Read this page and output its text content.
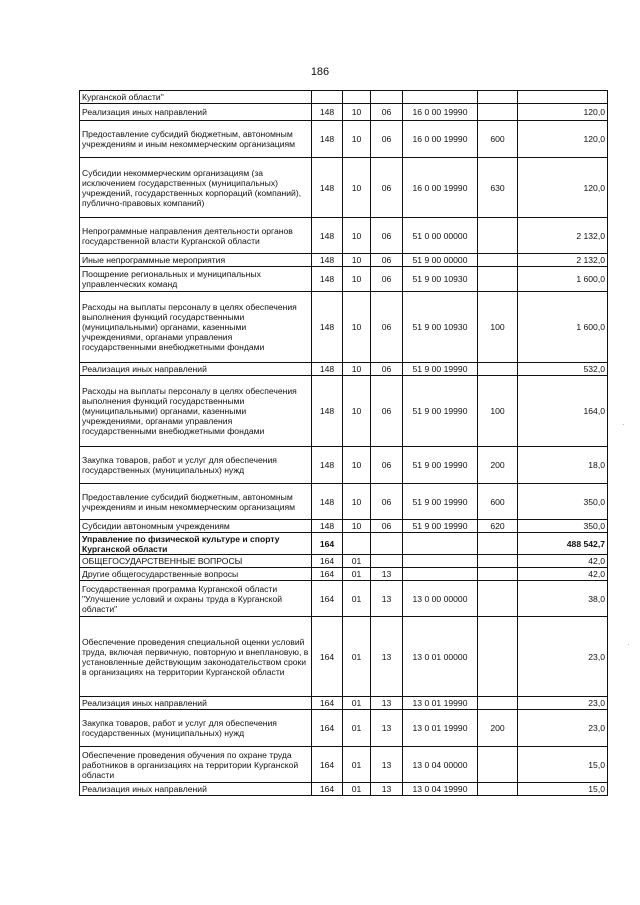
186
Курганской области"						
Реализация иных направлений	148	10	06	16 0 00 19990		120,0
Предоставление субсидий бюджетным, автономным учреждениям и иным некоммерческим организациям	148	10	06	16 0 00 19990	600	120,0
Субсидии некоммерческим организациям (за исключением государственных (муниципальных) учреждений, государственных корпораций (компаний), публично-правовых компаний)	148	10	06	16 0 00 19990	630	120,0
Непрограммные направления деятельности органов государственной власти Курганской области	148	10	06	51 0 00 00000		2 132,0
Иные непрограммные мероприятия	148	10	06	51 9 00 00000		2 132,0
Поощрение региональных и муниципальных управленческих команд	148	10	06	51 9 00 10930		1 600,0
Расходы на выплаты персоналу в целях обеспечения выполнения функций государственными (муниципальными) органами, казенными учреждениями, органами управления государственными внебюджетными фондами	148	10	06	51 9 00 10930	100	1 600,0
Реализация иных направлений	148	10	06	51 9 00 19990		532,0
Расходы на выплаты персоналу в целях обеспечения выполнения функций государственными (муниципальными) органами, казенными учреждениями, органами управления государственными внебюджетными фондами	148	10	06	51 9 00 19990	100	164,0
Закупка товаров, работ и услуг для обеспечения государственных (муниципальных) нужд	148	10	06	51 9 00 19990	200	18,0
Предоставление субсидий бюджетным, автономным учреждениям и иным некоммерческим организациям	148	10	06	51 9 00 19990	600	350,0
Субсидии автономным учреждениям	148	10	06	51 9 00 19990	620	350,0
Управление по физической культуре и спорту Курганской области	164					488 542,7
ОБЩЕГОСУДАРСТВЕННЫЕ ВОПРОСЫ	164	01				42,0
Другие общегосударственные вопросы	164	01	13			42,0
Государственная программа Курганской области "Улучшение условий и охраны труда в Курганской области"	164	01	13	13 0 00 00000		38,0
Обеспечение проведения специальной оценки условий труда, включая первичную, повторную и внеплановую, в установленные действующим законодательством сроки в организациях на территории Курганской области	164	01	13	13 0 01 00000		23,0
Реализация иных направлений	164	01	13	13 0 01 19990		23,0
Закупка товаров, работ и услуг для обеспечения государственных (муниципальных) нужд	164	01	13	13 0 01 19990	200	23,0
Обеспечение проведения обучения по охране труда работников в организациях на территории Курганской области	164	01	13	13 0 04 00000		15,0
Реализация иных направлений	164	01	13	13 0 04 19990		15,0
·
·
